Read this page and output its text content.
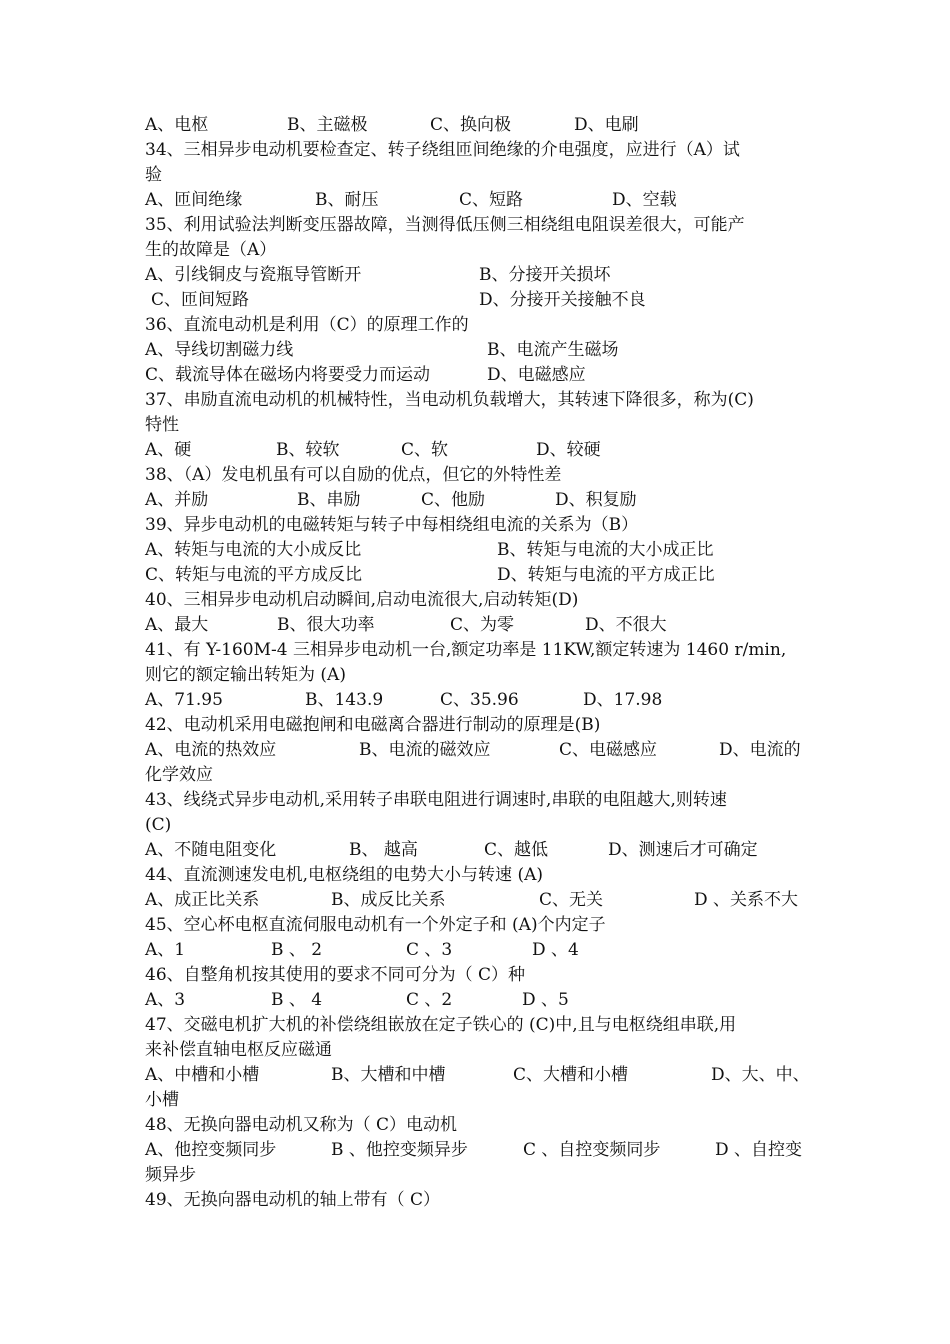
A、电枢	B、主磁极	C、换向极	D、电刷
34、三相异步电动机要检查定、转子绕组匝间绝缘的介电强度，应进行（A）试
验
A、匝间绝缘	B、耐压	C、短路	D、空载
35、利用试验法判断变压器故障，当测得低压侧三相绕组电阻误差很大，可能产
生的故障是（A）
A、引线铜皮与瓷瓶导管断开	B、分接开关损坏
C、匝间短路	D、分接开关接触不良
36、直流电动机是利用（C）的原理工作的
A、导线切割磁力线	B、电流产生磁场
C、载流导体在磁场内将要受力而运动	D、电磁感应
37、串励直流电动机的机械特性，当电动机负载增大，其转速下降很多，称为(C)
特性
A、硬	B、较软	C、软	D、较硬
38、（A）发电机虽有可以自励的优点，但它的外特性差
A、并励	B、串励	C、他励	D、积复励
39、异步电动机的电磁转矩与转子中每相绕组电流的关系为（B）
A、转矩与电流的大小成反比	B、转矩与电流的大小成正比
C、转矩与电流的平方成反比	D、转矩与电流的平方成正比
40、三相异步电动机启动瞬间,启动电流很大,启动转矩(D)
A、最大	B、很大功率	C、为零	D、不很大
41、有 Y-160M-4 三相异步电动机一台,额定功率是 11KW,额定转速为 1460 r/min,
则它的额定输出转矩为 (A)
A、71.95	B、143.9	C、35.96	D、17.98
42、电动机采用电磁抱闸和电磁离合器进行制动的原理是(B)
A、电流的热效应	B、电流的磁效应	C、电磁感应	D、电流的
化学效应
43、线绕式异步电动机,采用转子串联电阻进行调速时,串联的电阻越大,则转速
(C)
A、不随电阻变化	B、 越高	C、越低	D、测速后才可确定
44、直流测速发电机,电枢绕组的电势大小与转速 (A)
A、成正比关系	B、成反比关系	C、无关	D 、关系不大
45、空心杯电枢直流伺服电动机有一个外定子和 (A)个内定子
A、1	B 、 2	C 、3	D 、4
46、自整角机按其使用的要求不同可分为（ C）种
A、3	B 、 4	C 、2	D 、5
47、交磁电机扩大机的补偿绕组嵌放在定子铁心的 (C)中,且与电枢绕组串联,用
来补偿直轴电枢反应磁通
A、中槽和小槽	B、大槽和中槽	C、大槽和小槽	D、大、中、
小槽
48、无换向器电动机又称为（ C）电动机
A、他控变频同步	B 、他控变频异步	C 、自控变频同步	D 、自控变
频异步
49、无换向器电动机的轴上带有（ C）
